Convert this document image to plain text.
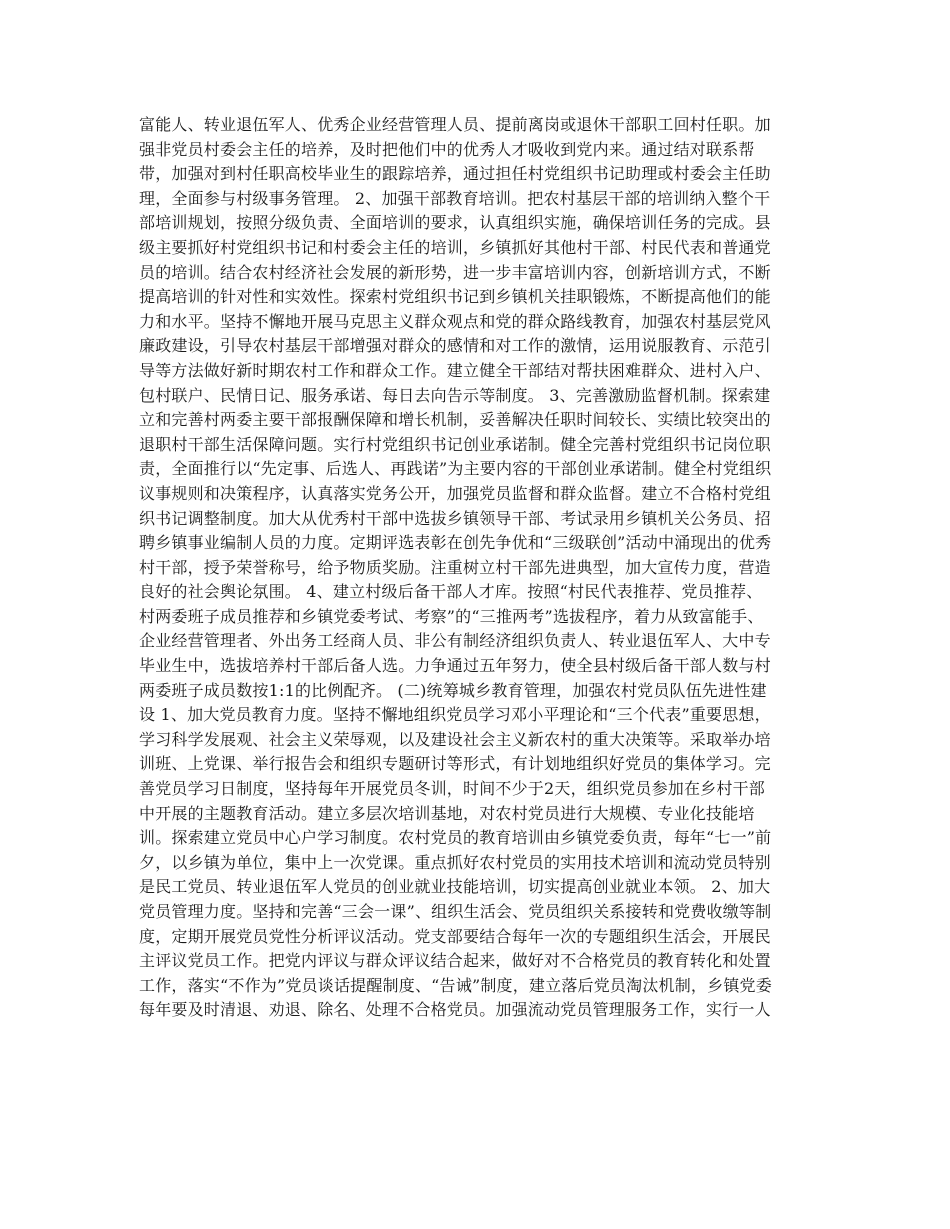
富能人、转业退伍军人、优秀企业经营管理人员、提前离岗或退休干部职工回村任职。加
强非党员村委会主任的培养，及时把他们中的优秀人才吸收到党内来。通过结对联系帮
带，加强对到村任职高校毕业生的跟踪培养，通过担任村党组织书记助理或村委会主任助
理，全面参与村级事务管理。 2、加强干部教育培训。把农村基层干部的培训纳入整个干
部培训规划，按照分级负责、全面培训的要求，认真组织实施，确保培训任务的完成。县
级主要抓好村党组织书记和村委会主任的培训，乡镇抓好其他村干部、村民代表和普通党
员的培训。结合农村经济社会发展的新形势，进一步丰富培训内容，创新培训方式，不断
提高培训的针对性和实效性。探索村党组织书记到乡镇机关挂职锻炼，不断提高他们的能
力和水平。坚持不懈地开展马克思主义群众观点和党的群众路线教育，加强农村基层党风
廉政建设，引导农村基层干部增强对群众的感情和对工作的激情，运用说服教育、示范引
导等方法做好新时期农村工作和群众工作。建立健全干部结对帮扶困难群众、进村入户、
包村联户、民情日记、服务承诺、每日去向告示等制度。 3、完善激励监督机制。探索建
立和完善村两委主要干部报酬保障和增长机制，妥善解决任职时间较长、实绩比较突出的
退职村干部生活保障问题。实行村党组织书记创业承诺制。健全完善村党组织书记岗位职
责，全面推行以“先定事、后选人、再践诺”为主要内容的干部创业承诺制。健全村党组织
议事规则和决策程序，认真落实党务公开，加强党员监督和群众监督。建立不合格村党组
织书记调整制度。加大从优秀村干部中选拔乡镇领导干部、考试录用乡镇机关公务员、招
聘乡镇事业编制人员的力度。定期评选表彰在创先争优和“三级联创”活动中涌现出的优秀
村干部，授予荣誉称号，给予物质奖励。注重树立村干部先进典型，加大宣传力度，营造
良好的社会舆论氛围。 4、建立村级后备干部人才库。按照“村民代表推荐、党员推荐、
村两委班子成员推荐和乡镇党委考试、考察”的“三推两考”选拔程序，着力从致富能手、
企业经营管理者、外出务工经商人员、非公有制经济组织负责人、转业退伍军人、大中专
毕业生中，选拔培养村干部后备人选。力争通过五年努力，使全县村级后备干部人数与村
两委班子成员数按1:1的比例配齐。 (二)统筹城乡教育管理，加强农村党员队伍先进性建
设 1、加大党员教育力度。坚持不懈地组织党员学习邓小平理论和“三个代表”重要思想，
学习科学发展观、社会主义荣辱观，以及建设社会主义新农村的重大决策等。采取举办培
训班、上党课、举行报告会和组织专题研讨等形式，有计划地组织好党员的集体学习。完
善党员学习日制度，坚持每年开展党员冬训，时间不少于2天，组织党员参加在乡村干部
中开展的主题教育活动。建立多层次培训基地，对农村党员进行大规模、专业化技能培
训。探索建立党员中心户学习制度。农村党员的教育培训由乡镇党委负责，每年“七一”前
夕，以乡镇为单位，集中上一次党课。重点抓好农村党员的实用技术培训和流动党员特别
是民工党员、转业退伍军人党员的创业就业技能培训，切实提高创业就业本领。 2、加大
党员管理力度。坚持和完善“三会一课”、组织生活会、党员组织关系接转和党费收缴等制
度，定期开展党员党性分析评议活动。党支部要结合每年一次的专题组织生活会，开展民
主评议党员工作。把党内评议与群众评议结合起来，做好对不合格党员的教育转化和处置
工作，落实“不作为”党员谈话提醒制度、“告诫”制度，建立落后党员淘汰机制，乡镇党委
每年要及时清退、劝退、除名、处理不合格党员。加强流动党员管理服务工作，实行一人
